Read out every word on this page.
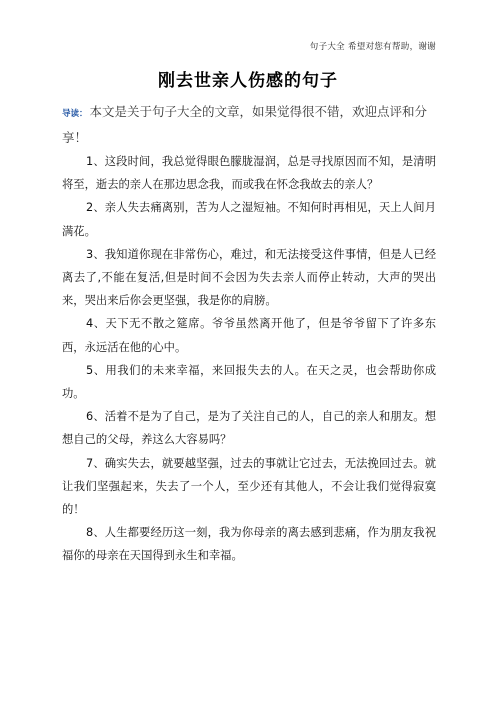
句子大全 希望对您有帮助，谢谢
刚去世亲人伤感的句子
导读： 本文是关于句子大全的文章，如果觉得很不错，欢迎点评和分享！

1、这段时间，我总觉得眼色朦胧湿润，总是寻找原因而不知，是清明将至，逝去的亲人在那边思念我，而或我在怀念我故去的亲人？

2、亲人失去痛离别，苦为人之湿短袖。不知何时再相见，天上人间月满花。

3、我知道你现在非常伤心，难过，和无法接受这件事情，但是人已经离去了,不能在复活,但是时间不会因为失去亲人而停止转动，大声的哭出来，哭出来后你会更坚强，我是你的肩膀。

4、天下无不散之筵席。爷爷虽然离开他了，但是爷爷留下了许多东西，永远活在他的心中。

5、用我们的未来幸福，来回报失去的人。在天之灵，也会帮助你成功。

6、活着不是为了自己，是为了关注自己的人，自己的亲人和朋友。想想自己的父母，养这么大容易吗？

7、确实失去，就要越坚强，过去的事就让它过去，无法挽回过去。就让我们坚强起来，失去了一个人，至少还有其他人，不会让我们觉得寂寞的！

8、人生都要经历这一刻，我为你母亲的离去感到悲痛，作为朋友我祝福你的母亲在天国得到永生和幸福。
